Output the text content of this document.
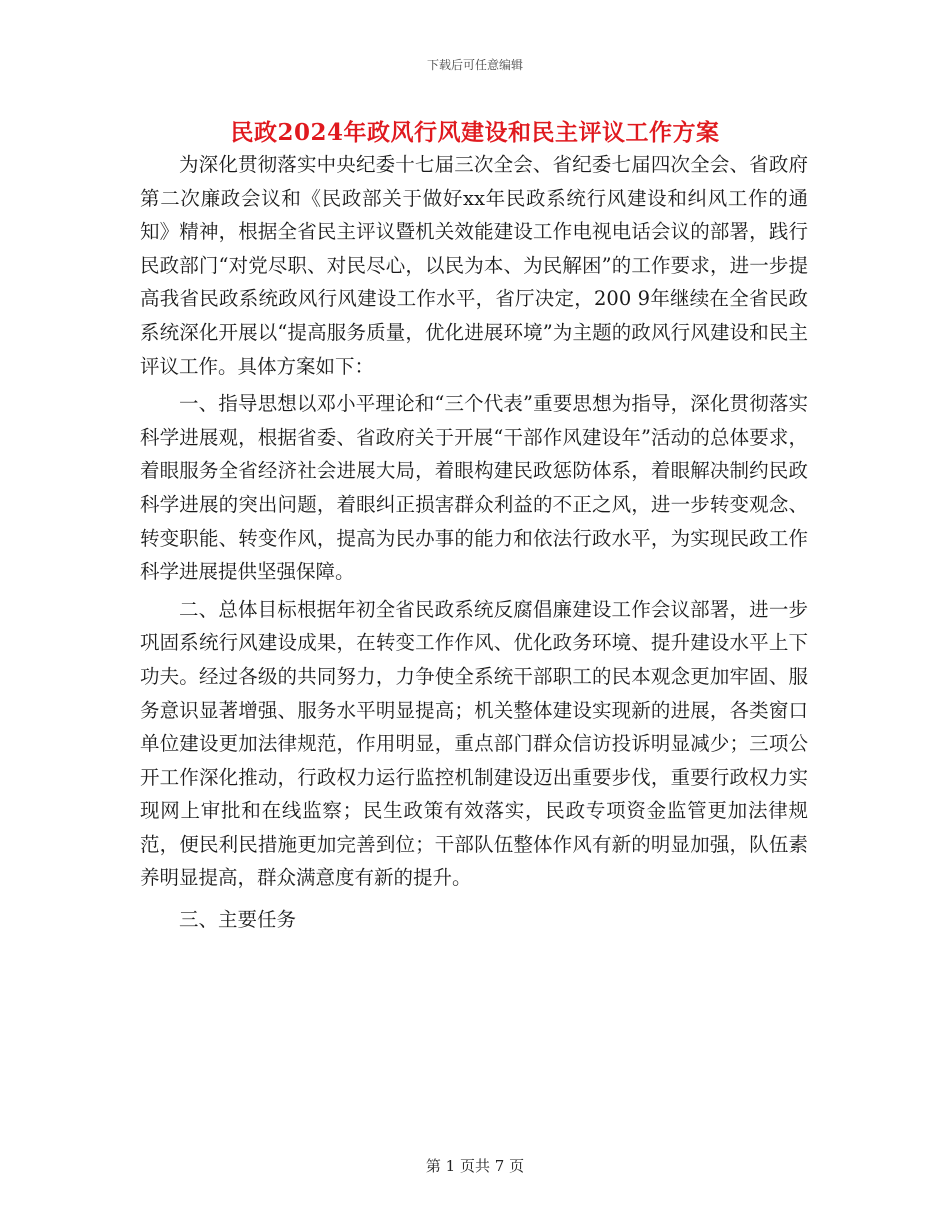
下载后可任意编辑
民政2024年政风行风建设和民主评议工作方案

为深化贯彻落实中央纪委十七届三次全会、省纪委七届四次全会、省政府第二次廉政会议和《民政部关于做好xx年民政系统行风建设和纠风工作的通知》精神，根据全省民主评议暨机关效能建设工作电视电话会议的部署，践行民政部门“对党尽职、对民尽心，以民为本、为民解困”的工作要求，进一步提高我省民政系统政风行风建设工作水平，省厅决定，200 9年继续在全省民政系统深化开展以“提高服务质量，优化进展环境”为主题的政风行风建设和民主评议工作。具体方案如下：

一、指导思想以邓小平理论和“三个代表”重要思想为指导，深化贯彻落实科学进展观，根据省委、省政府关于开展“干部作风建设年”活动的总体要求，着眼服务全省经济社会进展大局，着眼构建民政惩防体系，着眼解决制约民政科学进展的突出问题，着眼纠正损害群众利益的不正之风，进一步转变观念、转变职能、转变作风，提高为民办事的能力和依法行政水平，为实现民政工作科学进展提供坚强保障。

二、总体目标根据年初全省民政系统反腐倡廉建设工作会议部署，进一步巩固系统行风建设成果，在转变工作作风、优化政务环境、提升建设水平上下功夫。经过各级的共同努力，力争使全系统干部职工的民本观念更加牢固、服务意识显著增强、服务水平明显提高；机关整体建设实现新的进展，各类窗口单位建设更加法律规范，作用明显，重点部门群众信访投诉明显减少；三项公开工作深化推动，行政权力运行监控机制建设迈出重要步伐，重要行政权力实现网上审批和在线监察；民生政策有效落实，民政专项资金监管更加法律规范，便民利民措施更加完善到位；干部队伍整体作风有新的明显加强，队伍素养明显提高，群众满意度有新的提升。

三、主要任务

第 1 页共 7 页
